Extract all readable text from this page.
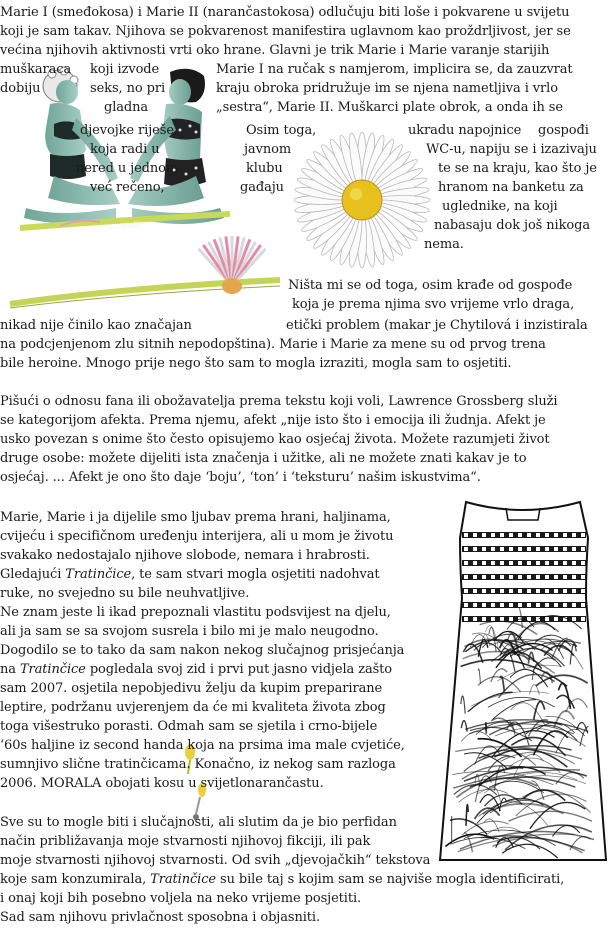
...well!
Marie I (smeđokosa) i Marie II (narančastokosa) odlučuju biti loše i pokvarene u svijetu
koji je sam takav. Njihova se pokvarenost manifestira uglavnom kao proždrljivost, jer se
većina njihovih aktivnosti vrti oko hrane. Glavni je trik Marie i Marie varanje starijih
muškaraca koji izvode	Marie I na ručak s namjerom, implicira se, da zauzvrat
dobiju	seks, no pri	kraju obroka pridružuje im se njena nametljiva i vrlo
gladna	„sestra“, Marie II. Muškarci plate obrok, a onda ih se
djevojke riješe.	Osim toga,	ukradu napojnice gospođi
koja radi u	javnom	WC-u, napiju se i izazivaju
nered u jednom	klubu	te se na kraju, kao što je
već rečeno,	gađaju	hranom na banketu za
uglednike, na koji
nabasaju dok još nikoga
nema.
Ništa mi se od toga, osim krađe od gospođe
koja je prema njima svo vrijeme vrlo draga,
nikad nije činilo kao značajan	etički problem (makar je Chytilová i inzistirala
na podcjenjenom zlu sitnih nepodopština). Marie i Marie za mene su od prvog trena
bile heroine. Mnogo prije nego što sam to mogla izraziti, mogla sam to osjetiti.
Pišući o odnosu fana ili obožavatelja prema tekstu koji voli, Lawrence Grossberg služi
se kategorijom afekta. Prema njemu, afekt „nije isto što i emocija ili žudnja. Afekt je
usko povezan s onime što često opisujemo kao osjećaj života. Možete razumjeti život
druge osobe: možete dijeliti ista značenja i užitke, ali ne možete znati kakav je to
osjećaj. ... Afekt je ono što daje ‘boju’, ‘ton’ i ‘teksturu’ našim iskustvima“.
Marie, Marie i ja dijelile smo ljubav prema hrani, haljinama,
cvijeću i specifičnom uređenju interijera, ali u mom je životu
svakako nedostajalo njihove slobode, nemara i hrabrosti.
Gledajući Tratinčice, te sam stvari mogla osjetiti nadohvat
ruke, no svejedno su bile neuhvatljive.
Ne znam jeste li ikad prepoznali vlastitu podsvijest na djelu,
ali ja sam se sa svojom susrela i bilo mi je malo neugodno.
Dogodilo se to tako da sam nakon nekog slučajnog prisjećanja
na Tratinčice pogledala svoj zid i prvi put jasno vidjela zašto
sam 2007. osjetila nepobjedivu želju da kupim preparirane
leptire, podržanu uvjerenjem da će mi kvaliteta života zbog
toga višestruko porasti. Odmah sam se sjetila i crno-bijele
‘60s haljine iz second handa koja na prsima ima male cvjetiće,
sumnjivo slične tratinčicama. Konačno, iz nekog sam razloga
2006. MORALA obojati kosu u svijetlonarančastu.
Sve su to mogle biti i slučajnosti, ali slutim da je bio perfidan
način približavanja moje stvarnosti njihovoj fikciji, ili pak
moje stvarnosti njihovoj stvarnosti. Od svih „djevojačkih“ tekstova
koje sam konzumirala, Tratinčice su bile taj s kojim sam se najviše mogla identificirati,
i onaj koji bih posebno voljela na neko vrijeme posjetiti.
Sad sam njihovu privlačnost sposobna i objasniti.
